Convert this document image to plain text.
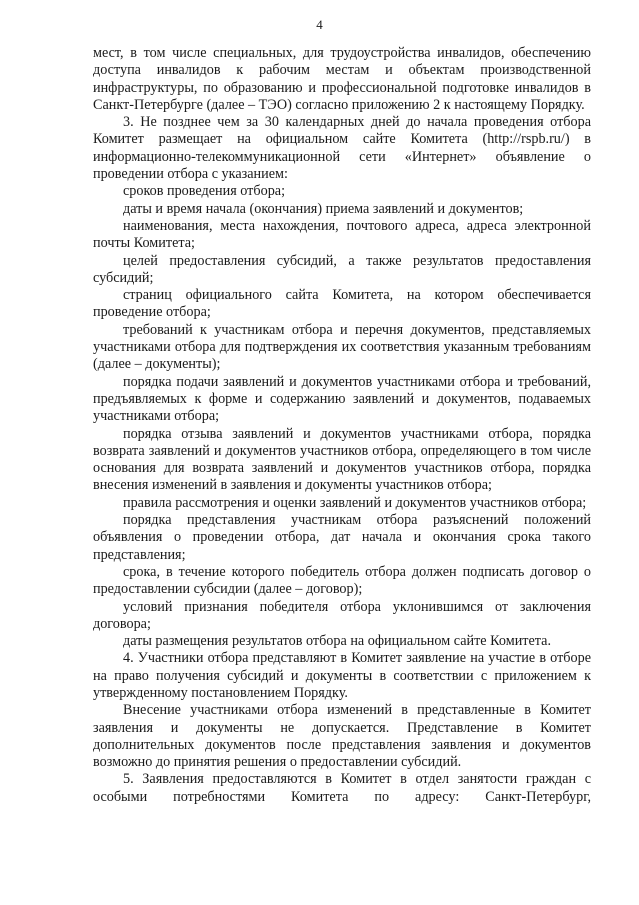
4

мест, в том числе специальных, для трудоустройства инвалидов, обеспечению доступа инвалидов к рабочим местам и объектам производственной инфраструктуры, по образованию и профессиональной подготовке инвалидов в Санкт-Петербурге (далее – ТЭО) согласно приложению 2 к настоящему Порядку.

3. Не позднее чем за 30 календарных дней до начала проведения отбора Комитет размещает на официальном сайте Комитета (http://rspb.ru/) в информационно-телекоммуникационной сети «Интернет» объявление о проведении отбора с указанием:

сроков проведения отбора;

даты и время начала (окончания) приема заявлений и документов;

наименования, места нахождения, почтового адреса, адреса электронной почты Комитета;

целей предоставления субсидий, а также результатов предоставления субсидий;

страниц официального сайта Комитета, на котором обеспечивается проведение отбора;

требований к участникам отбора и перечня документов, представляемых участниками отбора для подтверждения их соответствия указанным требованиям (далее – документы);

порядка подачи заявлений и документов участниками отбора и требований, предъявляемых к форме и содержанию заявлений и документов, подаваемых участниками отбора;

порядка отзыва заявлений и документов участниками отбора, порядка возврата заявлений и документов участников отбора, определяющего в том числе основания для возврата заявлений и документов участников отбора, порядка внесения изменений в заявления и документы участников отбора;

правила рассмотрения и оценки заявлений и документов участников отбора;

порядка представления участникам отбора разъяснений положений объявления о проведении отбора, дат начала и окончания срока такого представления;

срока, в течение которого победитель отбора должен подписать договор о предоставлении субсидии (далее – договор);

условий признания победителя отбора уклонившимся от заключения договора;

даты размещения результатов отбора на официальном сайте Комитета.

4. Участники отбора представляют в Комитет заявление на участие в отборе на право получения субсидий и документы в соответствии с приложением к утвержденному постановлением Порядку.

Внесение участниками отбора изменений в представленные в Комитет заявления и документы не допускается. Представление в Комитет дополнительных документов после представления заявления и документов возможно до принятия решения о предоставлении субсидий.

5. Заявления предоставляются в Комитет в отдел занятости граждан с особыми потребностями Комитета по адресу: Санкт-Петербург,
